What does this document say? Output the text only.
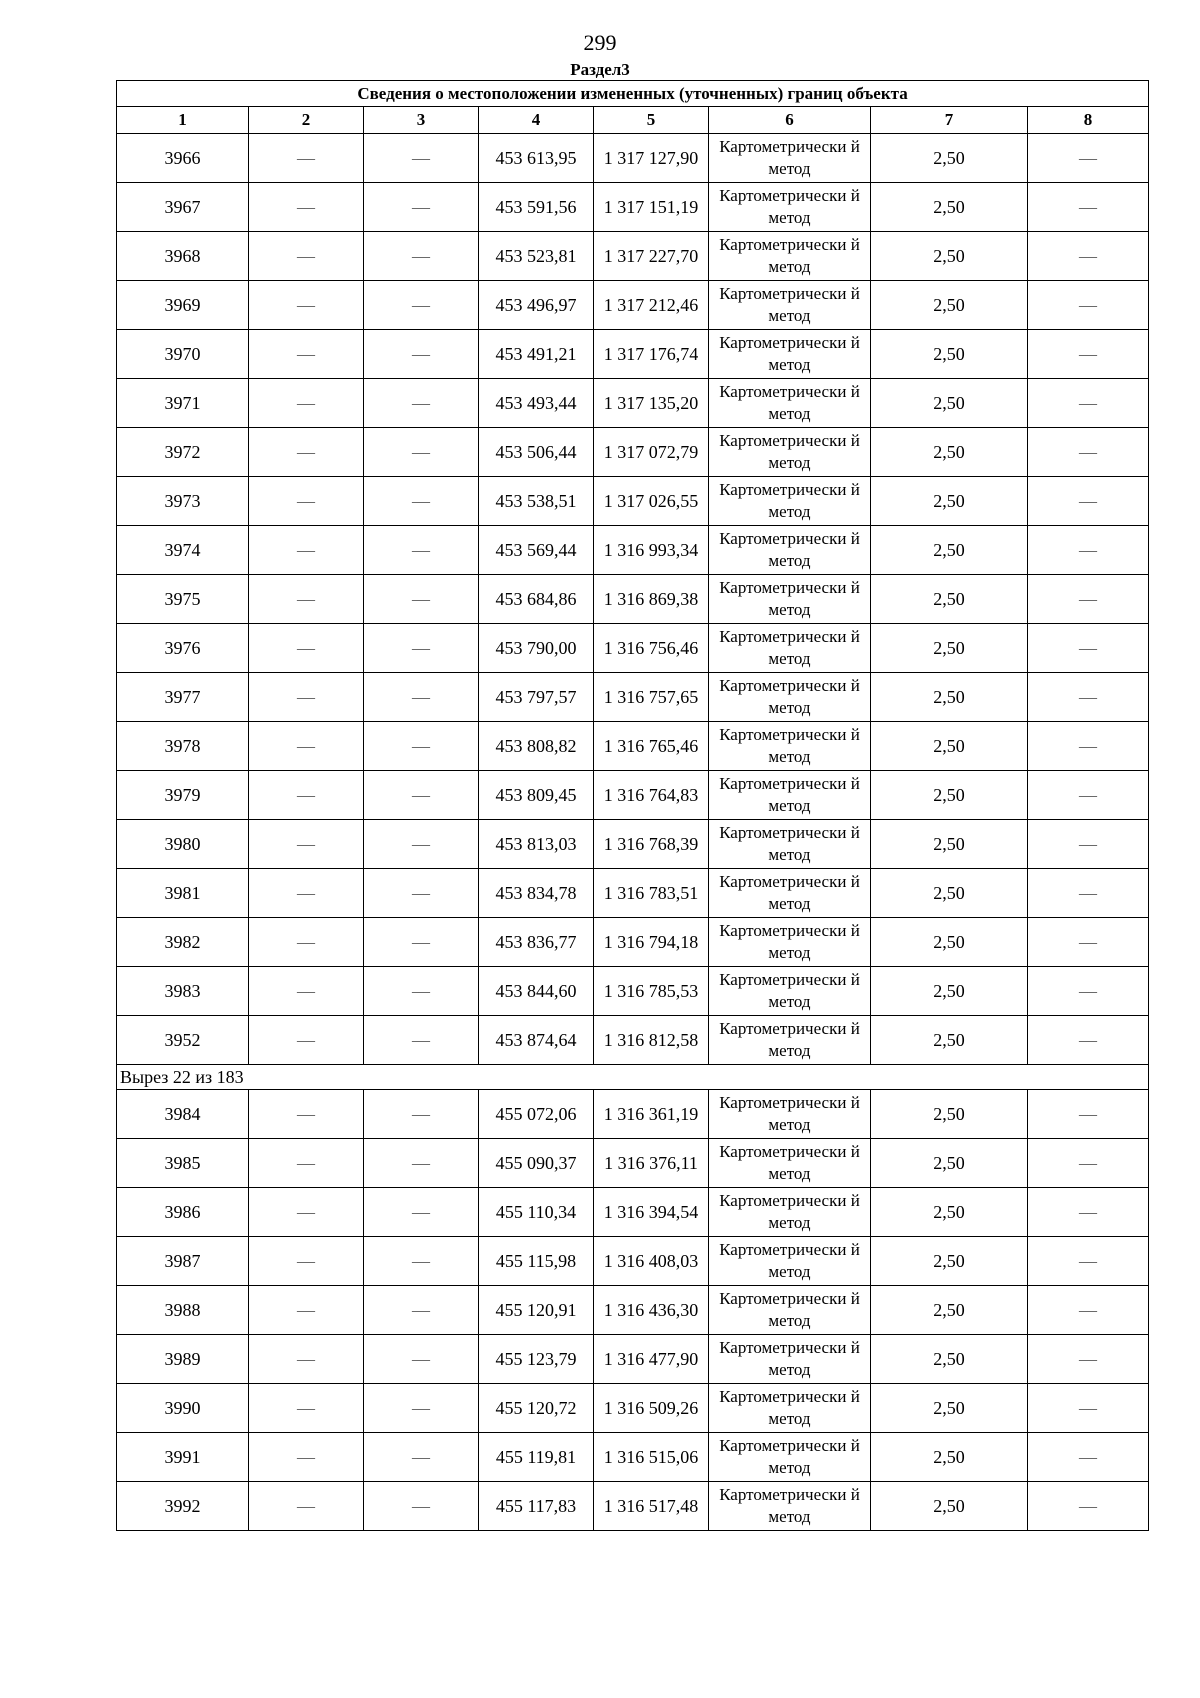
299
Раздел3
Сведения о местоположении измененных (уточненных) границ объекта							
1	2	3	4	5	6	7	8
3966	—	—	453 613,95	1 317 127,90	Картометрически й метод	2,50	—
3967	—	—	453 591,56	1 317 151,19	Картометрически й метод	2,50	—
3968	—	—	453 523,81	1 317 227,70	Картометрически й метод	2,50	—
3969	—	—	453 496,97	1 317 212,46	Картометрически й метод	2,50	—
3970	—	—	453 491,21	1 317 176,74	Картометрически й метод	2,50	—
3971	—	—	453 493,44	1 317 135,20	Картометрически й метод	2,50	—
3972	—	—	453 506,44	1 317 072,79	Картометрически й метод	2,50	—
3973	—	—	453 538,51	1 317 026,55	Картометрически й метод	2,50	—
3974	—	—	453 569,44	1 316 993,34	Картометрически й метод	2,50	—
3975	—	—	453 684,86	1 316 869,38	Картометрически й метод	2,50	—
3976	—	—	453 790,00	1 316 756,46	Картометрически й метод	2,50	—
3977	—	—	453 797,57	1 316 757,65	Картометрически й метод	2,50	—
3978	—	—	453 808,82	1 316 765,46	Картометрически й метод	2,50	—
3979	—	—	453 809,45	1 316 764,83	Картометрически й метод	2,50	—
3980	—	—	453 813,03	1 316 768,39	Картометрически й метод	2,50	—
3981	—	—	453 834,78	1 316 783,51	Картометрически й метод	2,50	—
3982	—	—	453 836,77	1 316 794,18	Картометрически й метод	2,50	—
3983	—	—	453 844,60	1 316 785,53	Картометрически й метод	2,50	—
3952	—	—	453 874,64	1 316 812,58	Картометрически й метод	2,50	—
Вырез 22 из 183							
3984	—	—	455 072,06	1 316 361,19	Картометрически й метод	2,50	—
3985	—	—	455 090,37	1 316 376,11	Картометрически й метод	2,50	—
3986	—	—	455 110,34	1 316 394,54	Картометрически й метод	2,50	—
3987	—	—	455 115,98	1 316 408,03	Картометрически й метод	2,50	—
3988	—	—	455 120,91	1 316 436,30	Картометрически й метод	2,50	—
3989	—	—	455 123,79	1 316 477,90	Картометрически й метод	2,50	—
3990	—	—	455 120,72	1 316 509,26	Картометрически й метод	2,50	—
3991	—	—	455 119,81	1 316 515,06	Картометрически й метод	2,50	—
3992	—	—	455 117,83	1 316 517,48	Картометрически й метод	2,50	—
